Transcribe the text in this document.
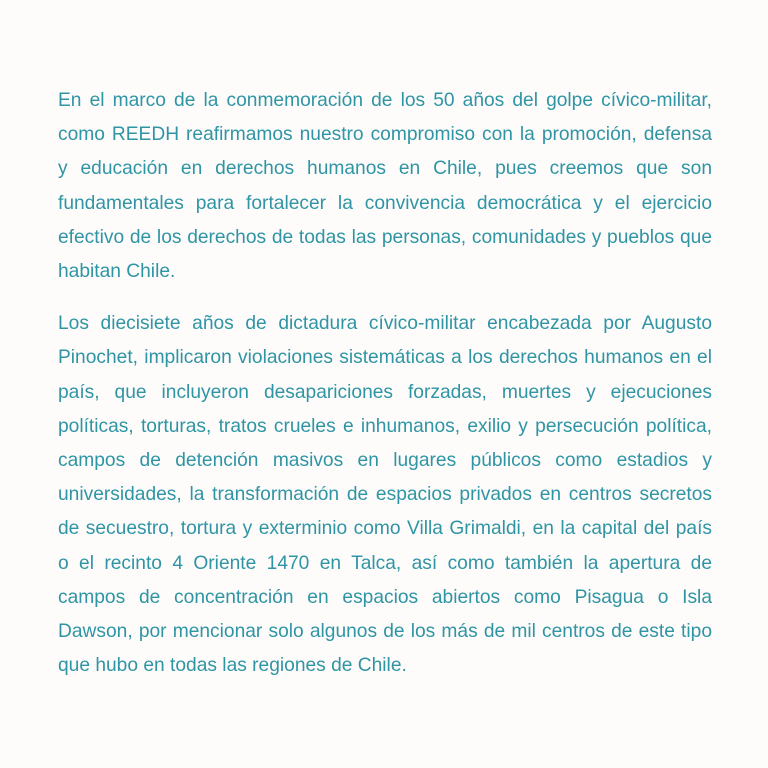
En el marco de la conmemoración de los 50 años del golpe cívico-militar, como REEDH reafirmamos nuestro compromiso con la promoción, defensa y educación en derechos humanos en Chile, pues creemos que son fundamentales para fortalecer la convivencia democrática y el ejercicio efectivo de los derechos de todas las personas, comunidades y pueblos que habitan Chile.

Los diecisiete años de dictadura cívico-militar encabezada por Augusto Pinochet, implicaron violaciones sistemáticas a los derechos humanos en el país, que incluyeron desapariciones forzadas, muertes y ejecuciones políticas, torturas, tratos crueles e inhumanos, exilio y persecución política, campos de detención masivos en lugares públicos como estadios y universidades, la transformación de espacios privados en centros secretos de secuestro, tortura y exterminio como Villa Grimaldi, en la capital del país o el recinto 4 Oriente 1470 en Talca, así como también la apertura de campos de concentración en espacios abiertos como Pisagua o Isla Dawson, por mencionar solo algunos de los más de mil centros de este tipo que hubo en todas las regiones de Chile.
